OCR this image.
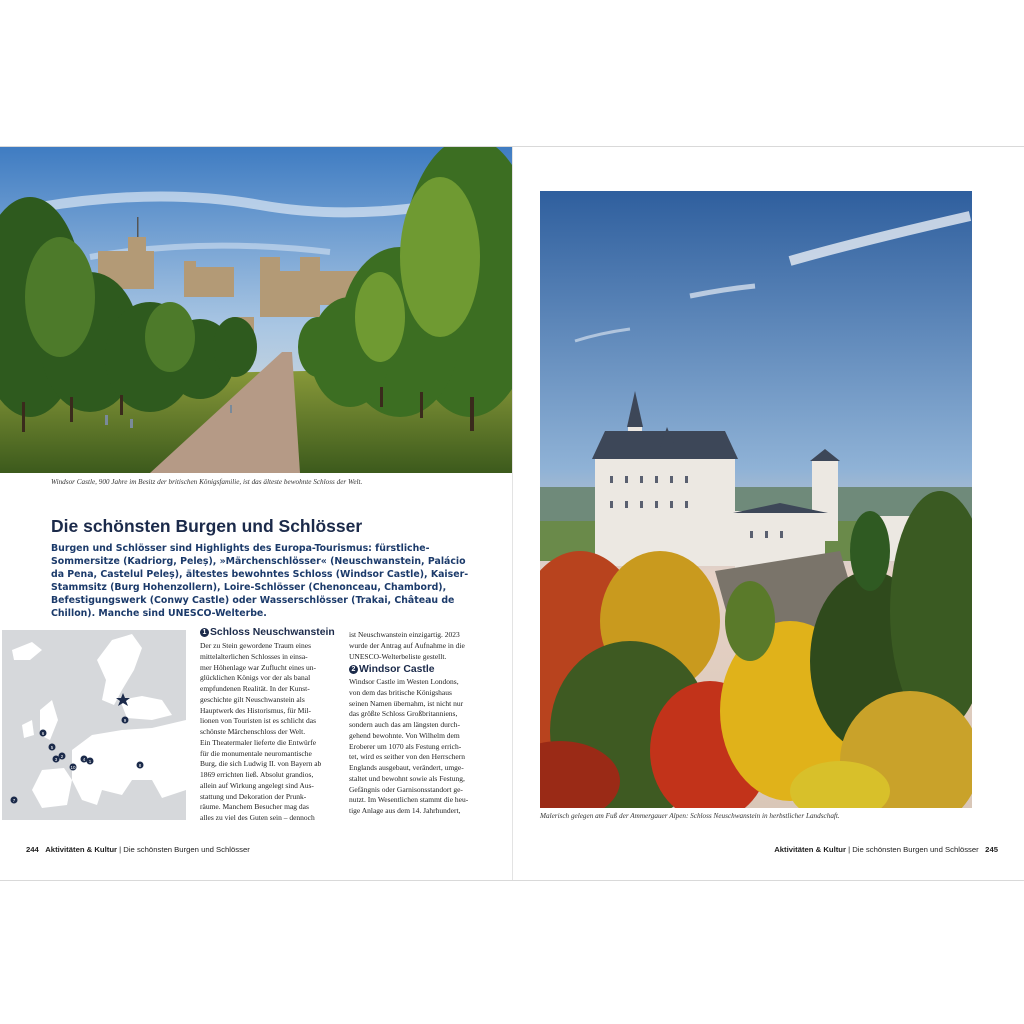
Windsor Castle, 900 Jahre im Besitz der britischen Königsfamilie, ist das älteste bewohnte Schloss der Welt.
Die schönsten Burgen und Schlösser
Burgen und Schlösser sind Highlights des Europa-Tourismus: fürstliche-Sommersitze (Kadriorg, Peleș), »Märchenschlösser« (Neuschwanstein, Palácio da Pena, Castelul Peleș), ältestes bewohntes Schloss (Windsor Castle), Kaiser-Stammsitz (Burg Hohenzollern), Loire-Schlösser (Chenonceau, Chambord), Befestigungswerk (Conwy Castle) oder Wasserschlösser (Trakai, Château de Chillon). Manche sind UNESCO-Welterbe.
6
5
2
3
10
4 1
9
8
7
1 Schloss Neuschwanstein
Der zu Stein gewordene Traum eines
mittelalterlichen Schlosses in einsa-
mer Höhenlage war Zuflucht eines un-
glücklichen Königs vor der als banal
empfundenen Realität. In der Kunst-
geschichte gilt Neuschwanstein als
Hauptwerk des Historismus, für Mil-
lionen von Touristen ist es schlicht das
schönste Märchenschloss der Welt.
Ein Theatermaler lieferte die Entwürfe
für die monumentale neuromantische
Burg, die sich Ludwig II. von Bayern ab
1869 errichten ließ. Absolut grandios,
allein auf Wirkung angelegt sind Aus-
stattung und Dekoration der Prunk-
räume. Manchem Besucher mag das
alles zu viel des Guten sein – dennoch
ist Neuschwanstein einzigartig. 2023
wurde der Antrag auf Aufnahme in die
UNESCO-Welterbeliste gestellt.
2 Windsor Castle
Windsor Castle im Westen Londons,
von dem das britische Königshaus
seinen Namen übernahm, ist nicht nur
das größte Schloss Großbritanniens,
sondern auch das am längsten durch-
gehend bewohnte. Von Wilhelm dem
Eroberer um 1070 als Festung errich-
tet, wird es seither von den Herrschern
Englands ausgebaut, verändert, umge-
staltet und bewohnt sowie als Festung,
Gefängnis oder Garnisonsstandort ge-
nutzt. Im Wesentlichen stammt die heu-
tige Anlage aus dem 14. Jahrhundert,
244 Aktivitäten & Kultur | Die schönsten Burgen und Schlösser
Malerisch gelegen am Fuß der Ammergauer Alpen: Schloss Neuschwanstein in herbstlicher Landschaft.
Aktivitäten & Kultur | Die schönsten Burgen und Schlösser 245
